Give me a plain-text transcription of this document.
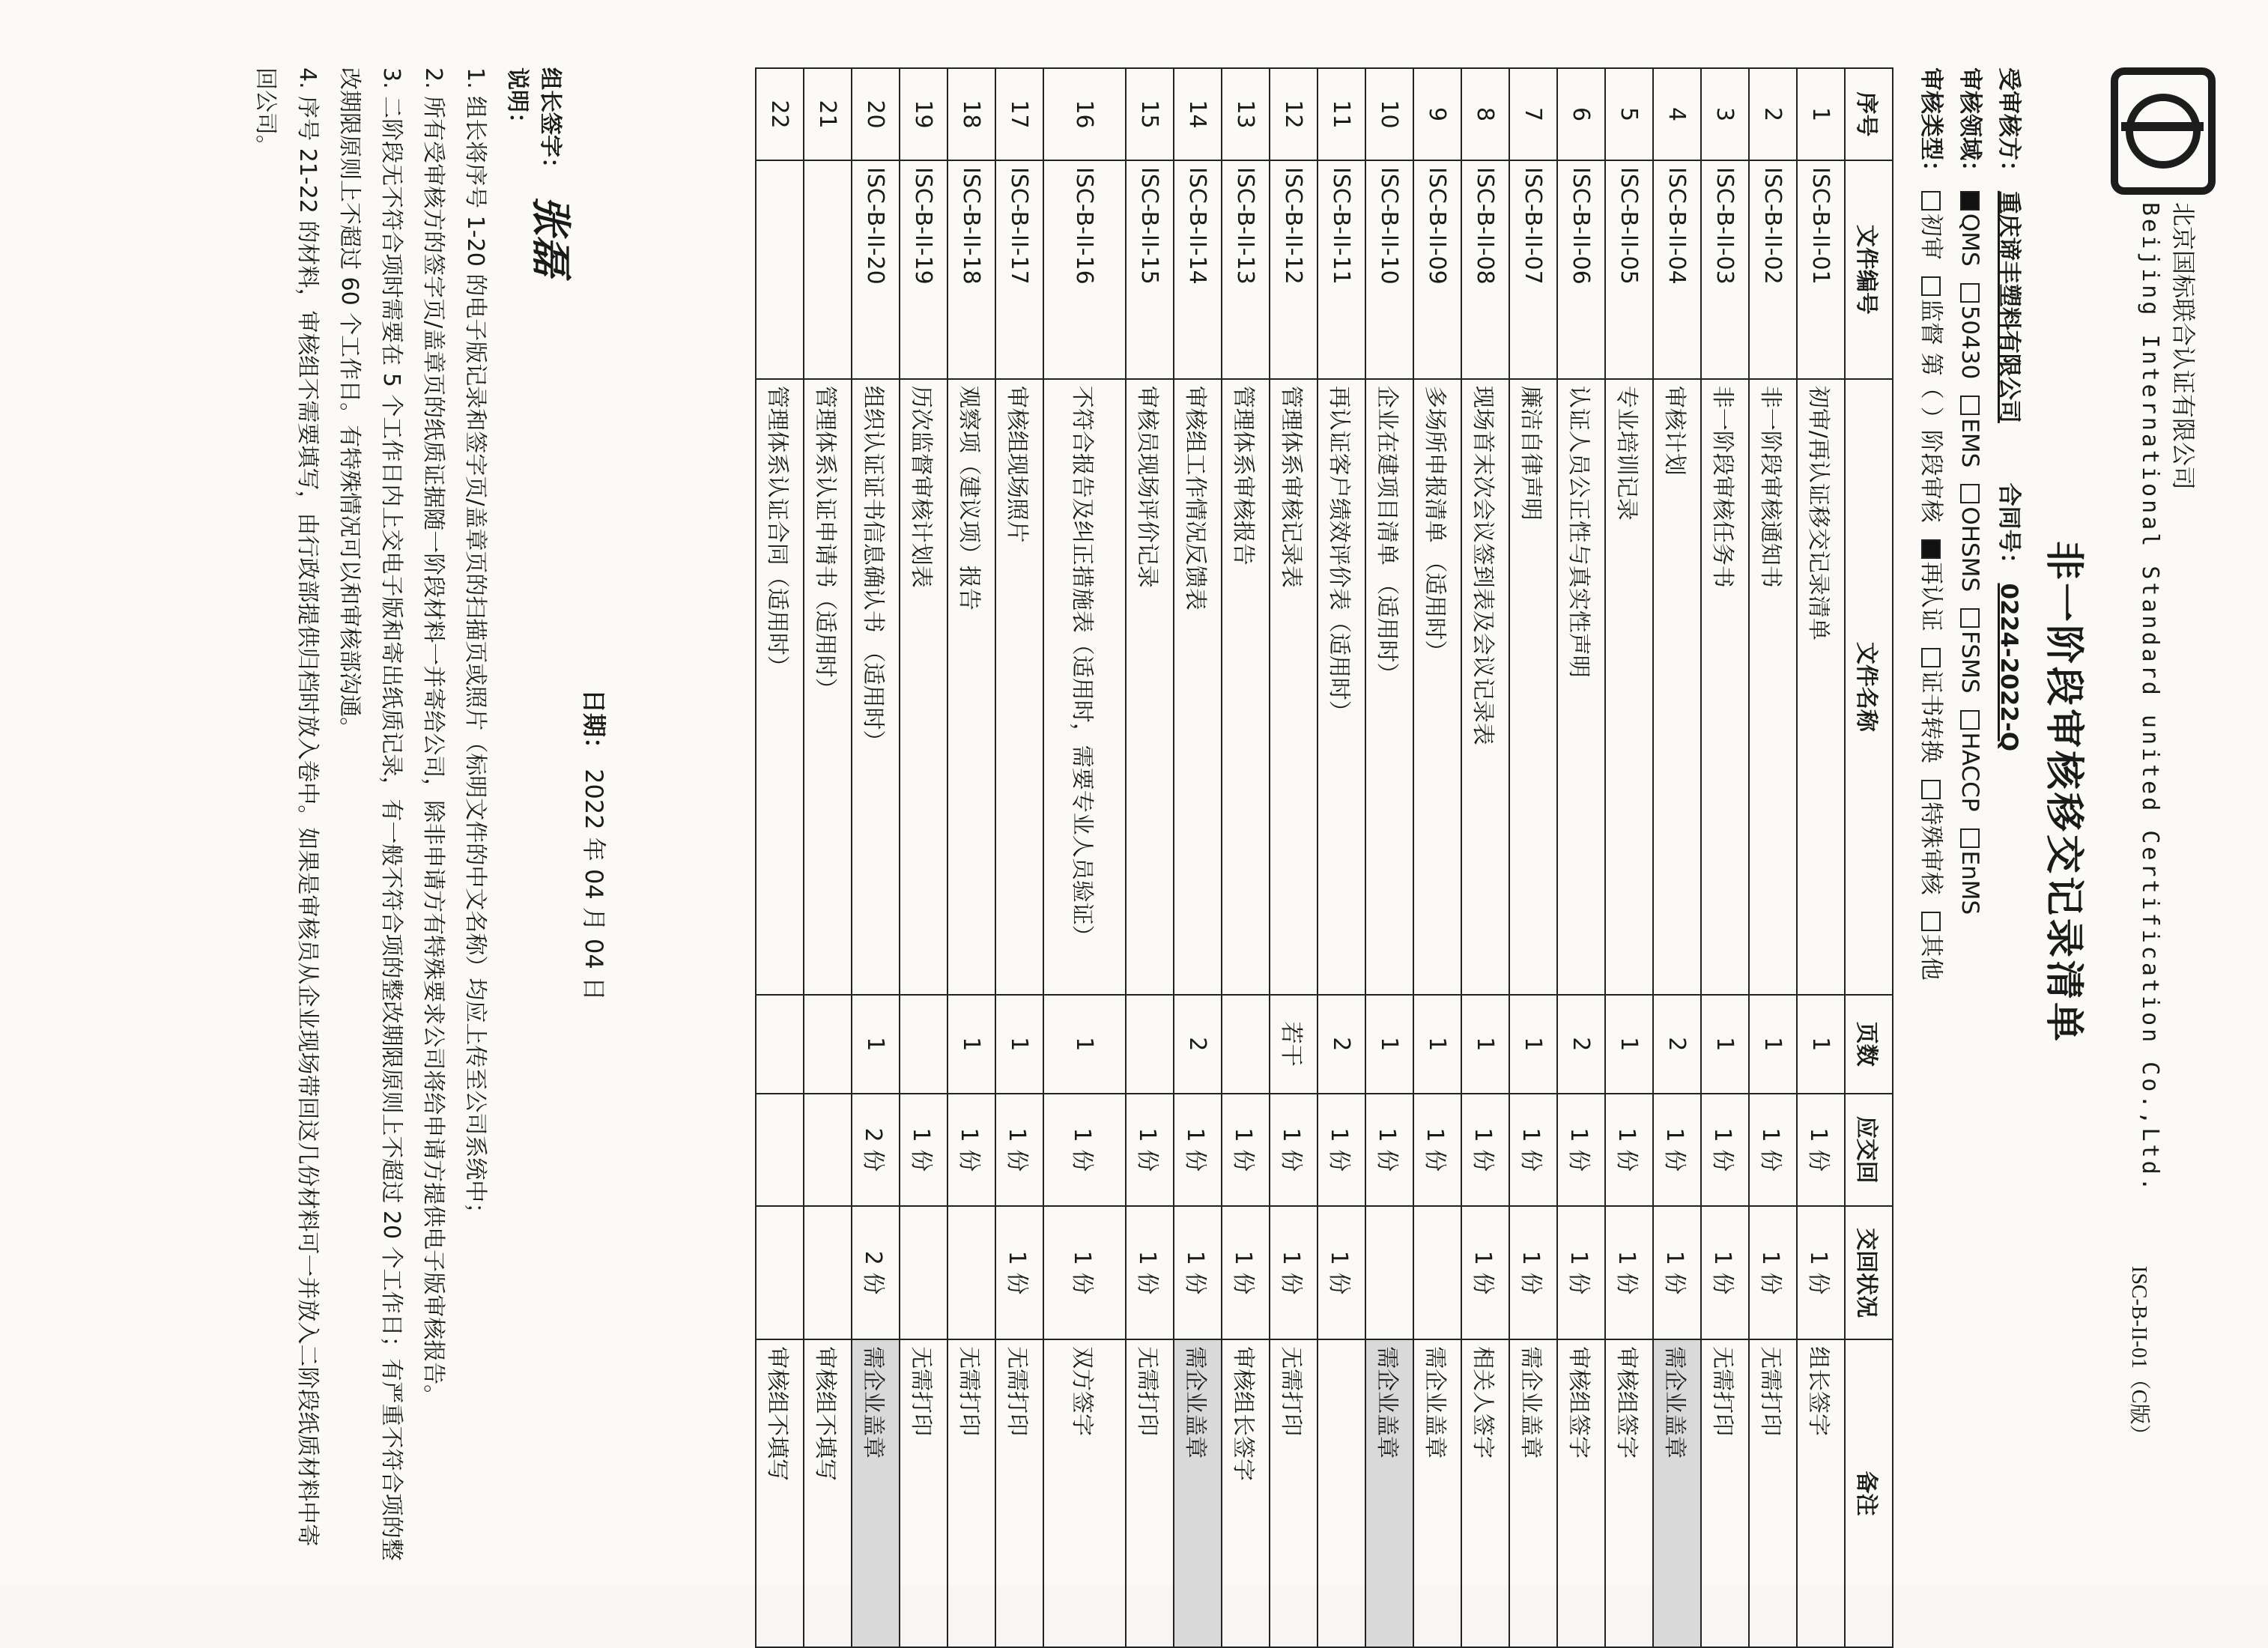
北京国标联合认证有限公司
Beijing International Standard united Certification Co.,Ltd.
ISC-B-II-01（C版）
非一阶段审核移交记录清单
受审核方： 重庆谛丰塑料有限公司  合同号： 0224-2022-Q
审核领域： QMS50430EMSOHSMSFSMSHACCPEnMS
审核类型： 初审监督 第（ ）阶段审核再认证证书转换特殊审核其他
序号	文件编号	文件名称	页数	应交回	交回状况	备注
1	ISC-B-II-01	初审/再认证移交记录清单	1	1 份	1 份	组长签字
2	ISC-B-II-02	非一阶段审核通知书	1	1 份	1 份	无需打印
3	ISC-B-II-03	非一阶段审核任务书	1	1 份	1 份	无需打印
4	ISC-B-II-04	审核计划	2	1 份	1 份	需企业盖章
5	ISC-B-II-05	专业培训记录	1	1 份	1 份	审核组签字
6	ISC-B-II-06	认证人员公正性与真实性声明	2	1 份	1 份	审核组签字
7	ISC-B-II-07	廉洁自律声明	1	1 份	1 份	需企业盖章
8	ISC-B-II-08	现场首末次会议签到表及会议记录表	1	1 份	1 份	相关人签字
9	ISC-B-II-09	多场所申报清单 （适用时）	1	1 份		需企业盖章
10	ISC-B-II-10	企业在建项目清单 （适用时）	1	1 份		需企业盖章
11	ISC-B-II-11	再认证客户绩效评价表（适用时）	2	1 份	1 份	
12	ISC-B-II-12	管理体系审核记录表	若干	1 份	1 份	无需打印
13	ISC-B-II-13	管理体系审核报告		1 份	1 份	审核组长签字
14	ISC-B-II-14	审核组工作情况反馈表	2	1 份	1 份	需企业盖章
15	ISC-B-II-15	审核员现场评价记录		1 份	1 份	无需打印
16	ISC-B-II-16	不符合报告及纠正措施表（适用时，需要专业人员验证）	1	1 份	1 份	双方签字
17	ISC-B-II-17	审核组现场照片	1	1 份	1 份	无需打印
18	ISC-B-II-18	观察项（建议项）报告	1	1 份		无需打印
19	ISC-B-II-19	历次监督审核计划表		1 份		无需打印
20	ISC-B-II-20	组织认证证书信息确认书 （适用时）	1	2 份	2 份	需企业盖章
21		管理体系认证申请书（适用时）				审核组不填写
22		管理体系认证合同（适用时）				审核组不填写
日期： 2022 年 04 月 04 日
组长签字： 张磊

说明：

1. 组长将序号 1-20 的电子版记录和签字页/盖章页的扫描页或照片（标明文件的中文名称）均应上传至公司系统中；

2. 所有受审核方的签字页/盖章页的纸质证据随一阶段材料一并寄给公司，除非申请方有特殊要求公司将给申请方提供电子版审核报告。

3. 二阶段无不符合项时需要在 5 个工作日内上交电子版和寄出纸质记录，有一般不符合项的整改期限原则上不超过 20 个工作日；有严重不符合项的整改期限原则上不超过 60 个工作日。有特殊情况可以和审核部沟通。

4. 序号 21-22 的材料，审核组不需要填写，由行政部提供归档时放入卷中。如果是审核员从企业现场带回这几份材料可一并放入二阶段纸质材料中寄回公司。
